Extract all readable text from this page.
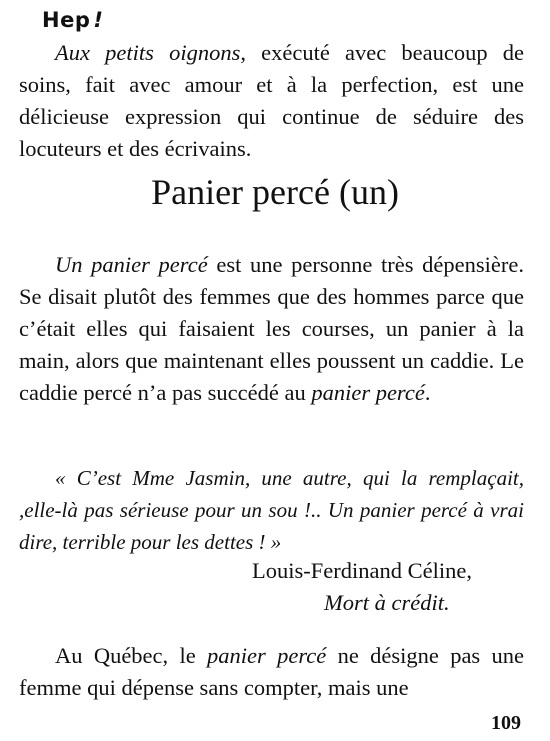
Hep !

Aux petits oignons, exécuté avec beaucoup de soins, fait avec amour et à la perfection, est une délicieuse expression qui continue de séduire des locuteurs et des écrivains.

Panier percé (un)

Un panier percé est une personne très dépensière. Se disait plutôt des femmes que des hommes parce que c’était elles qui faisaient les courses, un panier à la main, alors que maintenant elles poussent un caddie. Le caddie percé n’a pas succédé au panier percé.

« C’est Mme Jasmin, une autre, qui la remplaçait, ,elle-là pas sérieuse pour un sou !.. Un panier percé à vrai dire, terrible pour les dettes ! »

Louis-Ferdinand Céline,
Mort à crédit.

Au Québec, le panier percé ne désigne pas une femme qui dépense sans compter, mais une

109
